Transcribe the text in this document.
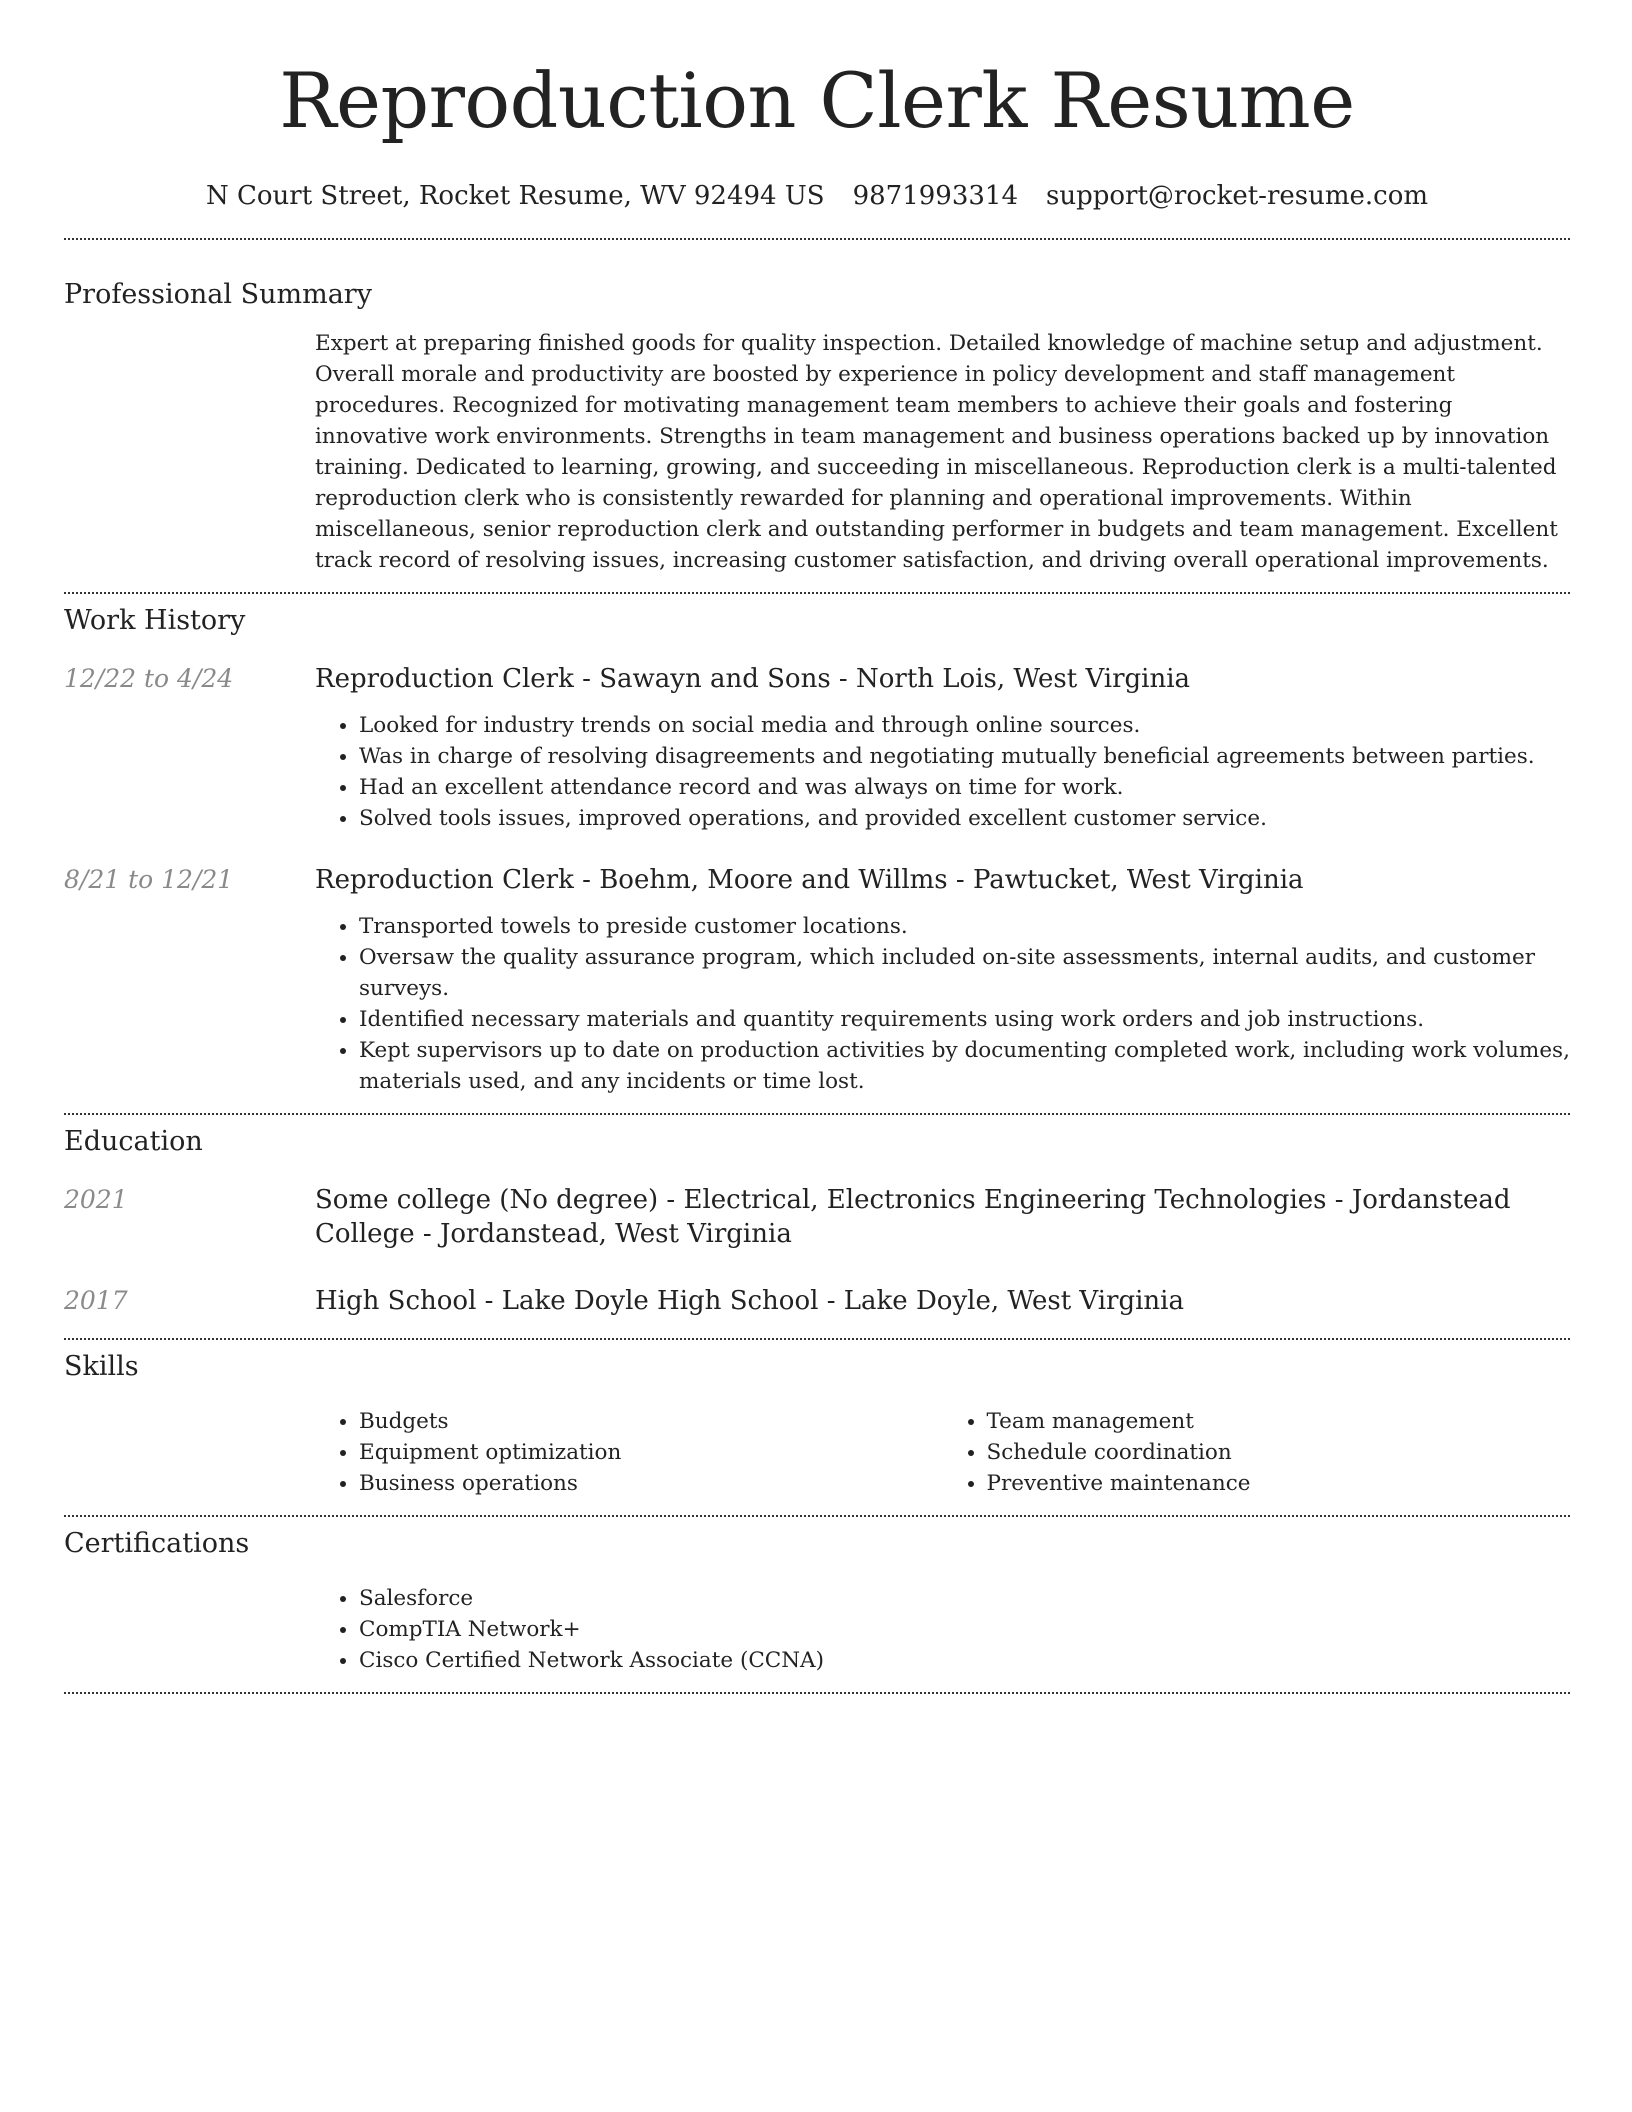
Reproduction Clerk Resume
N Court Street, Rocket Resume, WV 92494 US 9871993314 support@rocket-resume.com
Professional Summary

Expert at preparing finished goods for quality inspection. Detailed knowledge of machine setup and adjustment. Overall morale and productivity are boosted by experience in policy development and staff management procedures. Recognized for motivating management team members to achieve their goals and fostering innovative work environments. Strengths in team management and business operations backed up by innovation training. Dedicated to learning, growing, and succeeding in miscellaneous. Reproduction clerk is a multi-talented reproduction clerk who is consistently rewarded for planning and operational improvements. Within miscellaneous, senior reproduction clerk and outstanding performer in budgets and team management. Excellent track record of resolving issues, increasing customer satisfaction, and driving overall operational improvements.

Work History
12/22 to 4/24	Reproduction Clerk - Sawayn and Sons - North Lois, West Virginia
• Looked for industry trends on social media and through online sources.
• Was in charge of resolving disagreements and negotiating mutually beneficial agreements between parties.
• Had an excellent attendance record and was always on time for work.
• Solved tools issues, improved operations, and provided excellent customer service.
8/21 to 12/21	Reproduction Clerk - Boehm, Moore and Willms - Pawtucket, West Virginia
• Transported towels to preside customer locations.
• Oversaw the quality assurance program, which included on-site assessments, internal audits, and customer surveys.
• Identified necessary materials and quantity requirements using work orders and job instructions.
• Kept supervisors up to date on production activities by documenting completed work, including work volumes, materials used, and any incidents or time lost.
Education
2021	Some college (No degree) - Electrical, Electronics Engineering Technologies - Jordanstead College - Jordanstead, West Virginia
2017	High School - Lake Doyle High School - Lake Doyle, West Virginia
Skills
• Budgets
• Equipment optimization
• Business operations
• Team management
• Schedule coordination
• Preventive maintenance
Certifications
• Salesforce
• CompTIA Network+
• Cisco Certified Network Associate (CCNA)
